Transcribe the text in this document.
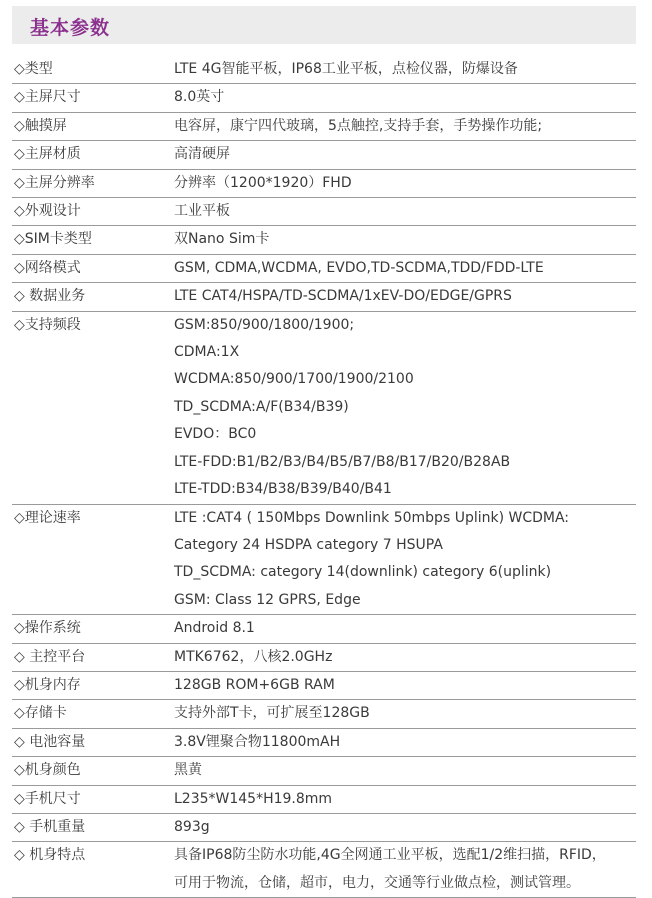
基本参数
◇类型	LTE 4G智能平板，IP68工业平板，点检仪器，防爆设备
◇主屏尺寸	8.0英寸
◇触摸屏	电容屏，康宁四代玻璃，5点触控,支持手套，手势操作功能;
◇主屏材质	高清硬屏
◇主屏分辨率	分辨率（1200*1920）FHD
◇外观设计	工业平板
◇SIM卡类型	双Nano Sim卡
◇网络模式	GSM, CDMA,WCDMA, EVDO,TD-SCDMA,TDD/FDD-LTE
◇ 数据业务	LTE CAT4/HSPA/TD-SCDMA/1xEV-DO/EDGE/GPRS
◇支持频段	GSM:850/900/1800/1900;
CDMA:1X
WCDMA:850/900/1700/1900/2100
TD_SCDMA:A/F(B34/B39)
EVDO：BC0
LTE-FDD:B1/B2/B3/B4/B5/B7/B8/B17/B20/B28AB
LTE-TDD:B34/B38/B39/B40/B41
◇理论速率	LTE :CAT4 ( 150Mbps Downlink 50mbps Uplink) WCDMA:
Category 24 HSDPA category 7 HSUPA
TD_SCDMA: category 14(downlink) category 6(uplink)
GSM: Class 12 GPRS, Edge
◇操作系统	Android 8.1
◇ 主控平台	MTK6762，八核2.0GHz
◇机身内存	128GB ROM+6GB RAM
◇存储卡	支持外部T卡，可扩展至128GB
◇ 电池容量	3.8V锂聚合物11800mAH
◇机身颜色	黑黄
◇手机尺寸	L235*W145*H19.8mm
◇ 手机重量	893g
◇ 机身特点	具备IP68防尘防水功能,4G全网通工业平板，选配1/2维扫描，RFID，
可用于物流，仓储，超市，电力，交通等行业做点检，测试管理。
